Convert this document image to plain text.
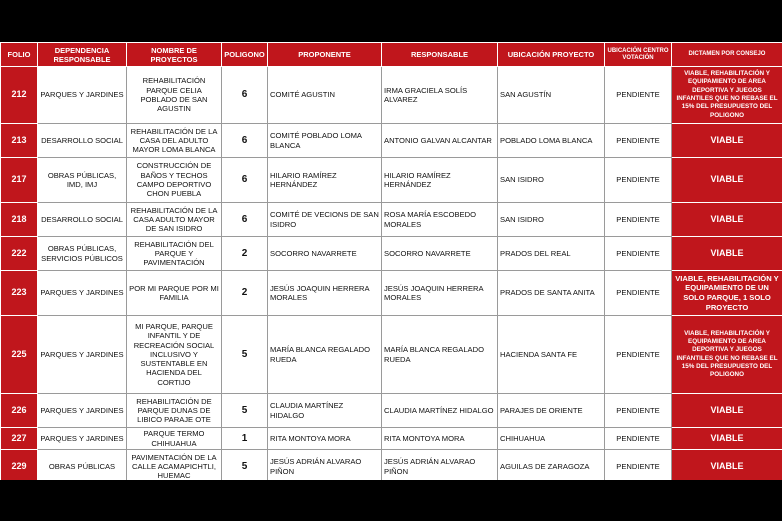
FOLIO	DEPENDENCIA RESPONSABLE	NOMBRE DE PROYECTOS	POLIGONO	PROPONENTE	RESPONSABLE	UBICACIÓN PROYECTO	UBICACIÓN CENTRO VOTACIÓN	DICTAMEN POR CONSEJO
212	PARQUES Y JARDINES	REHABILITACIÓN PARQUE CELIA POBLADO DE SAN AGUSTIN	6	COMITÉ AGUSTIN	IRMA GRACIELA SOLÍS ALVAREZ	SAN AGUSTÍN	PENDIENTE	VIABLE, REHABILITACIÓN Y EQUIPAMIENTO DE AREA DEPORTIVA Y JUEGOS INFANTILES QUE NO REBASE EL 15% DEL PRESUPUESTO DEL POLIGONO
213	DESARROLLO SOCIAL	REHABILITACIÓN DE LA CASA DEL ADULTO MAYOR LOMA BLANCA	6	COMITÉ POBLADO LOMA BLANCA	ANTONIO GALVAN ALCANTAR	POBLADO LOMA BLANCA	PENDIENTE	VIABLE
217	OBRAS PÚBLICAS, IMD, IMJ	CONSTRUCCIÓN DE BAÑOS Y TECHOS CAMPO DEPORTIVO CHON PUEBLA	6	HILARIO RAMÍREZ HERNÁNDEZ	HILARIO RAMÍREZ HERNÁNDEZ	SAN ISIDRO	PENDIENTE	VIABLE
218	DESARROLLO SOCIAL	REHABILITACIÓN DE LA CASA ADULTO MAYOR DE SAN ISIDRO	6	COMITÉ DE VECIONS DE SAN ISIDRO	ROSA MARÍA ESCOBEDO MORALES	SAN ISIDRO	PENDIENTE	VIABLE
222	OBRAS PÚBLICAS, SERVICIOS PÚBLICOS	REHABILITACIÓN DEL PARQUE Y PAVIMENTACIÓN	2	SOCORRO NAVARRETE	SOCORRO NAVARRETE	PRADOS DEL REAL	PENDIENTE	VIABLE
223	PARQUES Y JARDINES	POR MI PARQUE POR MI FAMILIA	2	JESÚS JOAQUIN HERRERA MORALES	JESÚS JOAQUIN HERRERA MORALES	PRADOS DE SANTA ANITA	PENDIENTE	VIABLE, REHABILITACIÓN Y EQUIPAMIENTO DE UN SOLO PARQUE, 1 SOLO PROYECTO
225	PARQUES Y JARDINES	MI PARQUE, PARQUE INFANTIL Y DE RECREACIÓN SOCIAL INCLUSIVO Y SUSTENTABLE EN HACIENDA DEL CORTIJO	5	MARÍA BLANCA REGALADO RUEDA	MARÍA BLANCA REGALADO RUEDA	HACIENDA SANTA FE	PENDIENTE	VIABLE, REHABILITACIÓN Y EQUIPAMIENTO DE AREA DEPORTIVA Y JUEGOS INFANTILES QUE NO REBASE EL 15% DEL PRESUPUESTO DEL POLIGONO
226	PARQUES Y JARDINES	REHABILITACIÓN DE PARQUE DUNAS DE LIBICO PARAJE OTE	5	CLAUDIA MARTÍNEZ HIDALGO	CLAUDIA MARTÍNEZ HIDALGO	PARAJES DE ORIENTE	PENDIENTE	VIABLE
227	PARQUES Y JARDINES	PARQUE TERMO CHIHUAHUA	1	RITA MONTOYA MORA	RITA MONTOYA MORA	CHIHUAHUA	PENDIENTE	VIABLE
229	OBRAS PÚBLICAS	PAVIMENTACIÓN DE LA CALLE ACAMAPICHTLI, HUEMAC	5	JESÚS ADRIÁN ALVARAO PIÑON	JESÚS ADRIÁN ALVARAO PIÑON	AGUILAS DE ZARAGOZA	PENDIENTE	VIABLE
